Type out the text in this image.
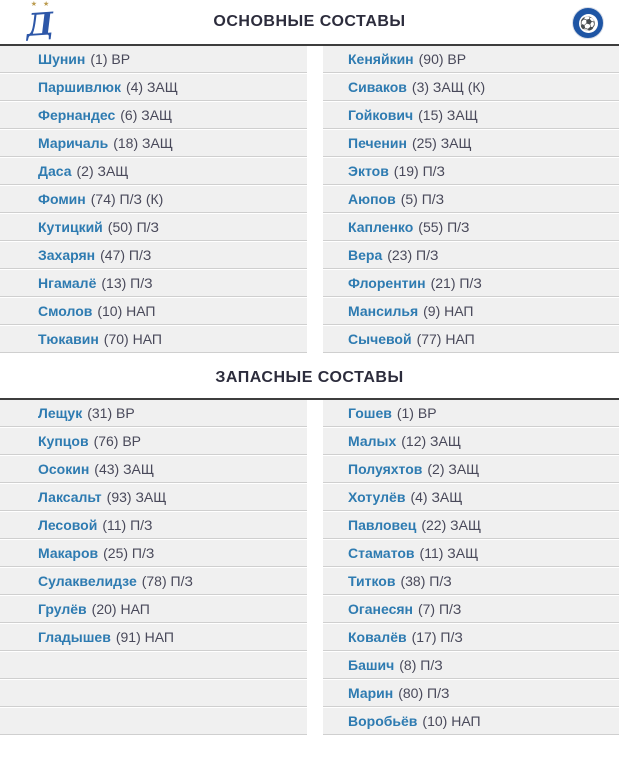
★ ★
Д	ОСНОВНЫЕ СОСТАВЫ	⚽
Шунин (1) ВР
Паршивлюк (4) ЗАЩ
Фернандес (6) ЗАЩ
Маричаль (18) ЗАЩ
Даса (2) ЗАЩ
Фомин (74) П/З (К)
Кутицкий (50) П/З
Захарян (47) П/З
Нгамалё (13) П/З
Смолов (10) НАП
Тюкавин (70) НАП
Кеняйкин (90) ВР
Сиваков (3) ЗАЩ (К)
Гойкович (15) ЗАЩ
Печенин (25) ЗАЩ
Эктов (19) П/З
Аюпов (5) П/З
Капленко (55) П/З
Вера (23) П/З
Флорентин (21) П/З
Мансилья (9) НАП
Сычевой (77) НАП
ЗАПАСНЫЕ СОСТАВЫ
Лещук (31) ВР
Купцов (76) ВР
Осокин (43) ЗАЩ
Лаксальт (93) ЗАЩ
Лесовой (11) П/З
Макаров (25) П/З
Сулаквелидзе (78) П/З
Грулёв (20) НАП
Гладышев (91) НАП
Гошев (1) ВР
Малых (12) ЗАЩ
Полуяхтов (2) ЗАЩ
Хотулёв (4) ЗАЩ
Павловец (22) ЗАЩ
Стаматов (11) ЗАЩ
Титков (38) П/З
Оганесян (7) П/З
Ковалёв (17) П/З
Башич (8) П/З
Марин (80) П/З
Воробьёв (10) НАП
